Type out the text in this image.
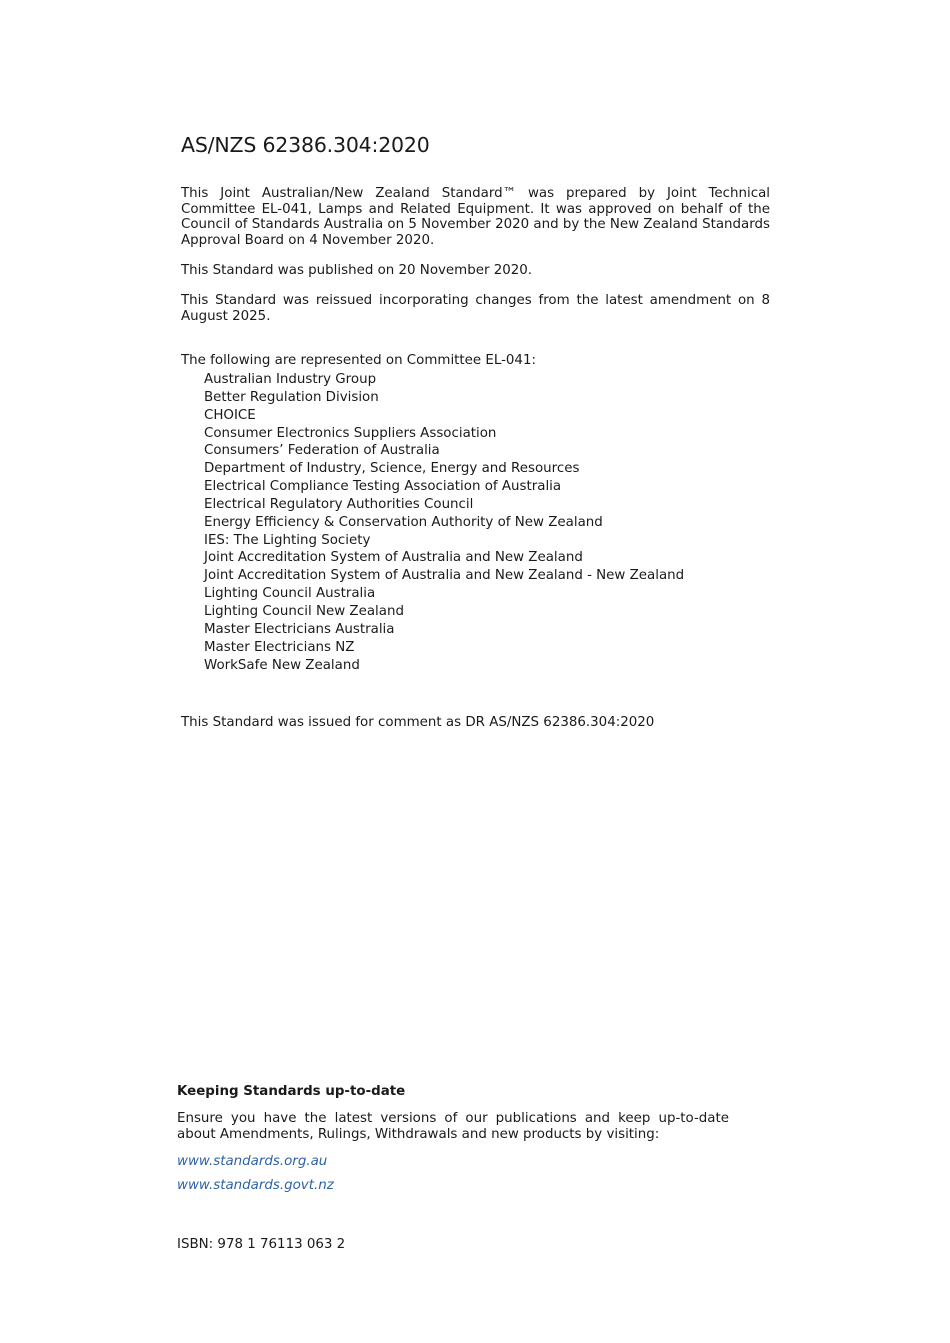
AS/NZS 62386.304:2020

This Joint Australian/New Zealand Standard™ was prepared by Joint Technical Committee EL-041, Lamps and Related Equipment. It was approved on behalf of the Council of Standards Australia on 5 November 2020 and by the New Zealand Standards Approval Board on 4 November 2020.

This Standard was published on 20 November 2020.

This Standard was reissued incorporating changes from the latest amendment on 8 August 2025.

The following are represented on Committee EL-041:
Australian Industry Group
Better Regulation Division
CHOICE
Consumer Electronics Suppliers Association
Consumers’ Federation of Australia
Department of Industry, Science, Energy and Resources
Electrical Compliance Testing Association of Australia
Electrical Regulatory Authorities Council
Energy Efficiency & Conservation Authority of New Zealand
IES: The Lighting Society
Joint Accreditation System of Australia and New Zealand
Joint Accreditation System of Australia and New Zealand - New Zealand
Lighting Council Australia
Lighting Council New Zealand
Master Electricians Australia
Master Electricians NZ
WorkSafe New Zealand
This Standard was issued for comment as DR AS/NZS 62386.304:2020
Keeping Standards up-to-date

Ensure you have the latest versions of our publications and keep up-to-date about Amendments, Rulings, Withdrawals and new products by visiting:

www.standards.org.au
www.standards.govt.nz
ISBN: 978 1 76113 063 2
